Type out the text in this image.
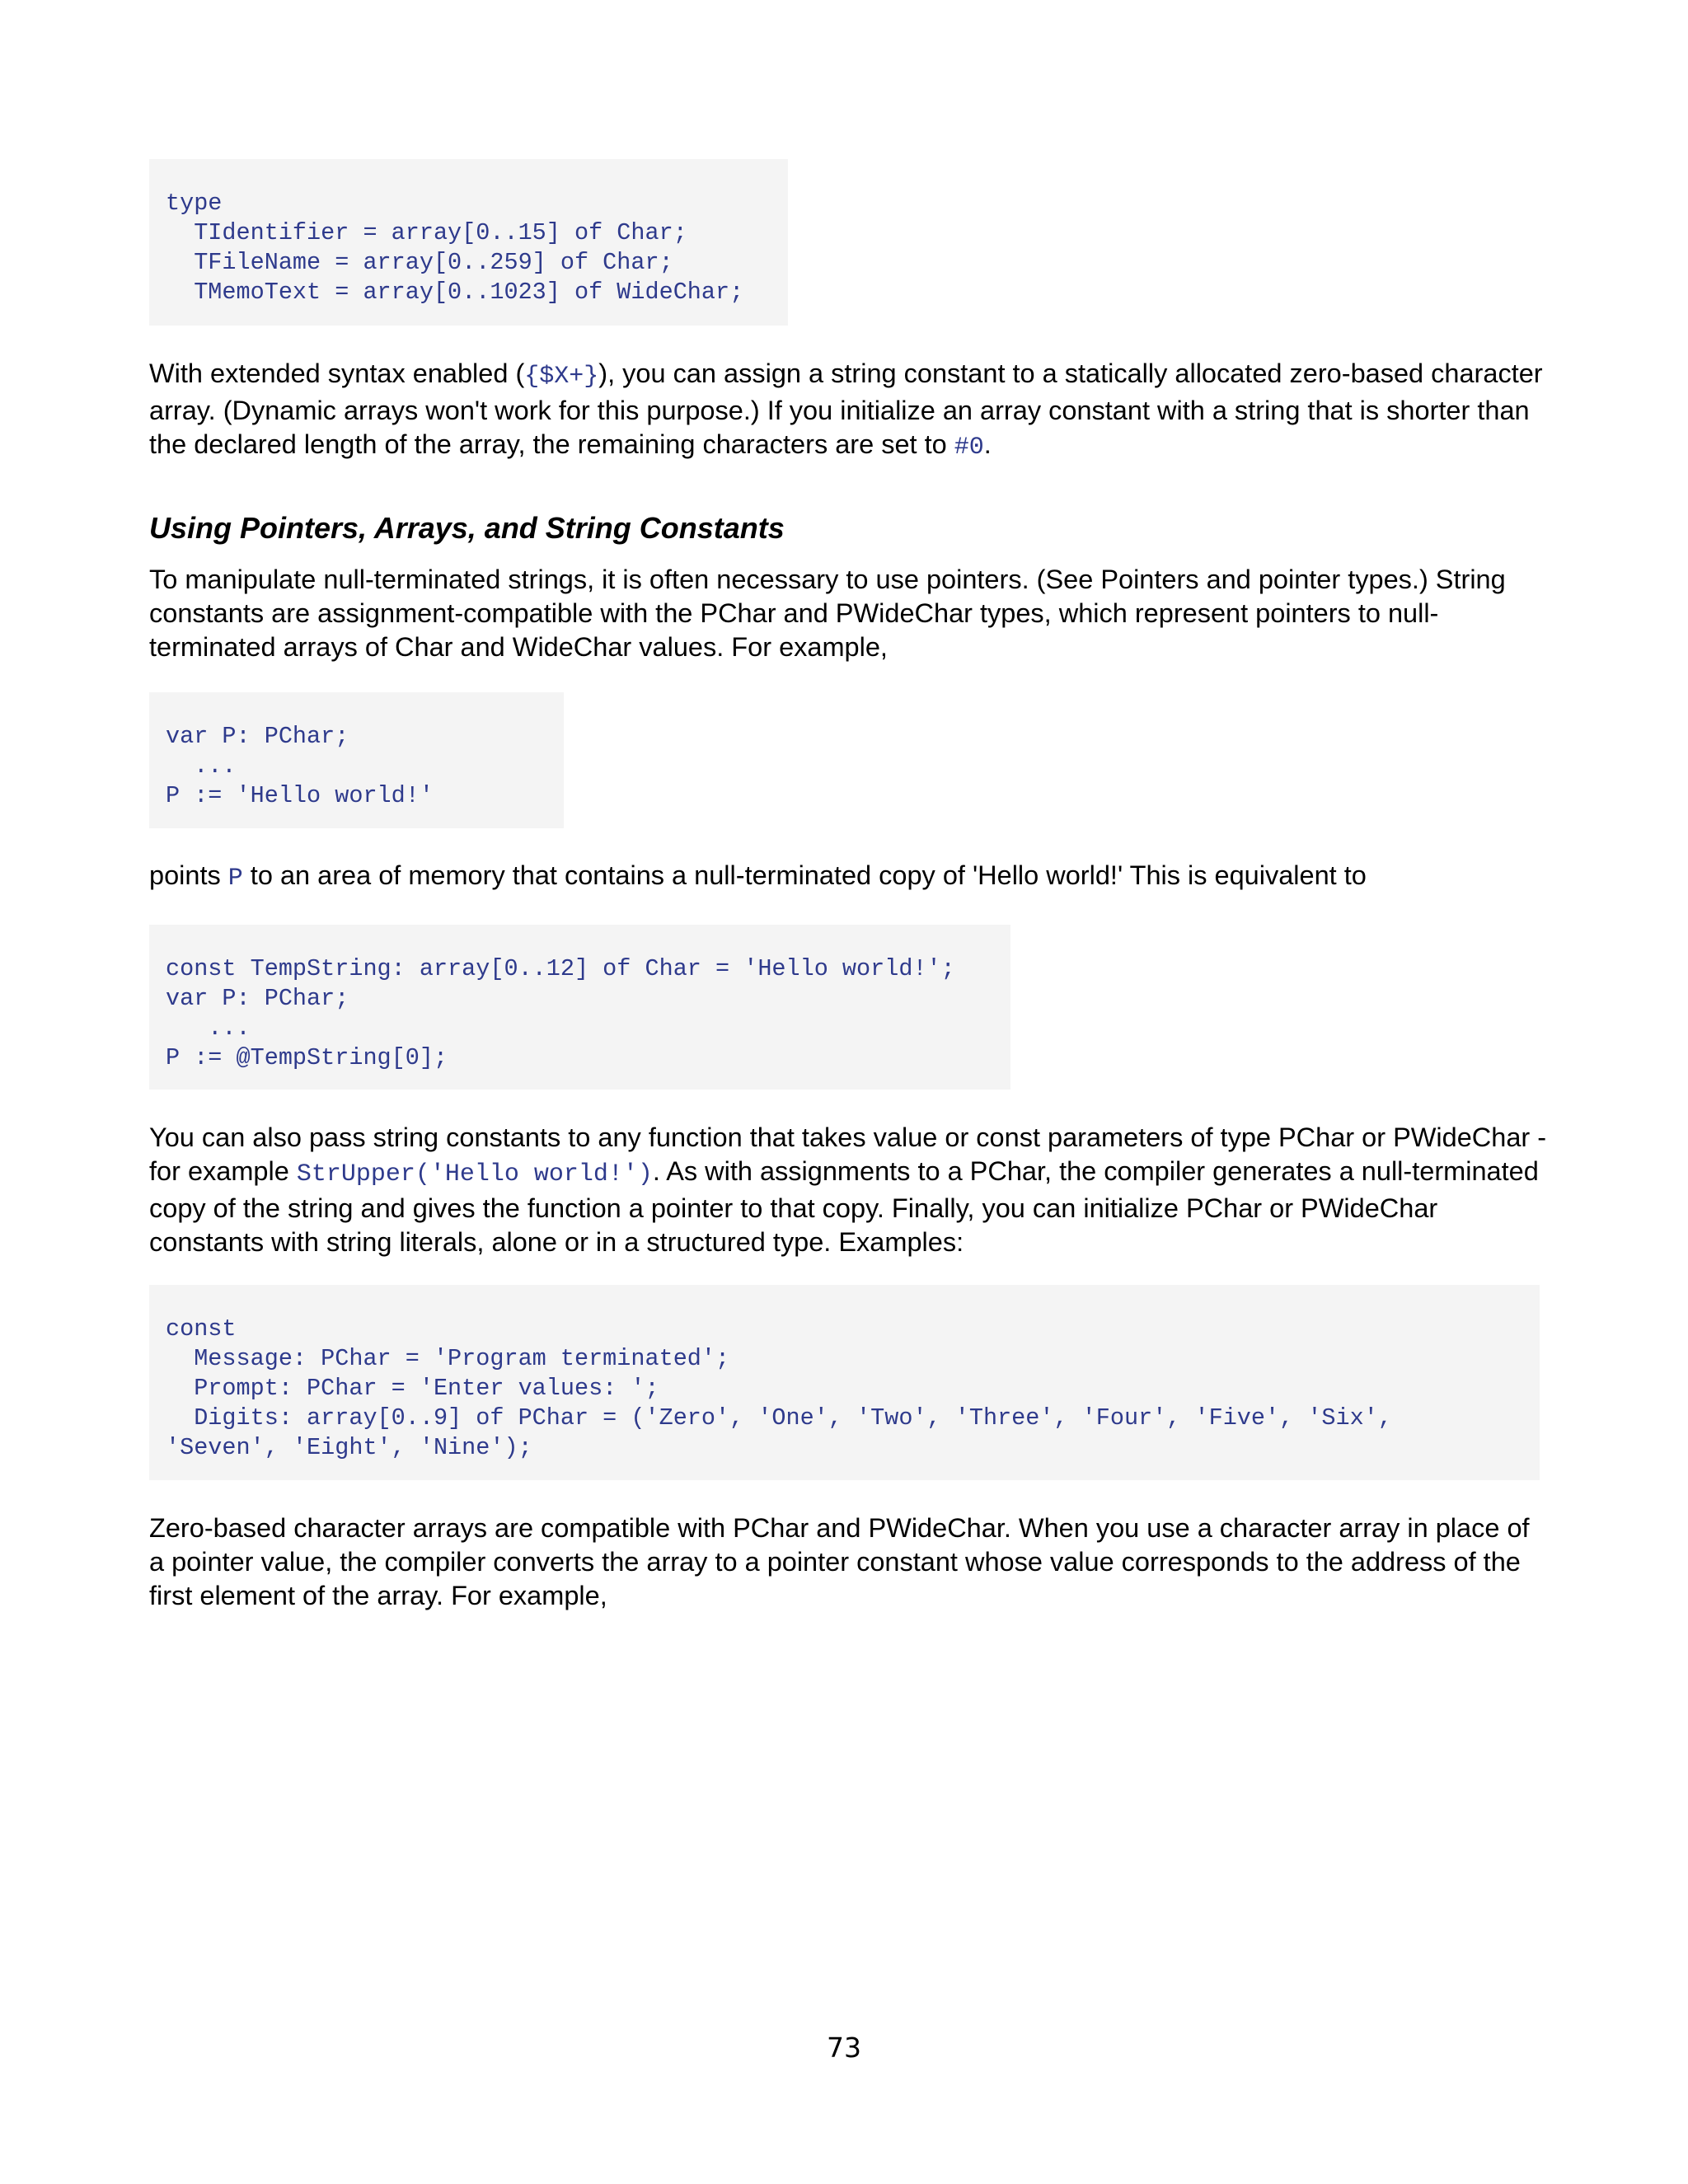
type
TIdentifier = array[0..15] of Char;
TFileName = array[0..259] of Char;
TMemoText = array[0..1023] of WideChar;

With extended syntax enabled ({$X+}), you can assign a string constant to a statically allocated zero-based character array. (Dynamic arrays won't work for this purpose.) If you initialize an array constant with a string that is shorter than the declared length of the array, the remaining characters are set to #0.

Using Pointers, Arrays, and String Constants

To manipulate null-terminated strings, it is often necessary to use pointers. (See Pointers and pointer types.) String constants are assignment-compatible with the PChar and PWideChar types, which represent pointers to null-terminated arrays of Char and WideChar values. For example,

var P: PChar;
...
P := 'Hello world!'

points P to an area of memory that contains a null-terminated copy of 'Hello world!' This is equivalent to

const TempString: array[0..12] of Char = 'Hello world!';
var P: PChar;
...
P := @TempString[0];

You can also pass string constants to any function that takes value or const parameters of type PChar or PWideChar - for example StrUpper('Hello world!'). As with assignments to a PChar, the compiler generates a null-terminated copy of the string and gives the function a pointer to that copy. Finally, you can initialize PChar or PWideChar constants with string literals, alone or in a structured type. Examples:

const
Message: PChar = 'Program terminated';
Prompt: PChar = 'Enter values: ';
Digits: array[0..9] of PChar = ('Zero', 'One', 'Two', 'Three', 'Four', 'Five', 'Six',
'Seven', 'Eight', 'Nine');

Zero-based character arrays are compatible with PChar and PWideChar. When you use a character array in place of a pointer value, the compiler converts the array to a pointer constant whose value corresponds to the address of the first element of the array. For example,

73
